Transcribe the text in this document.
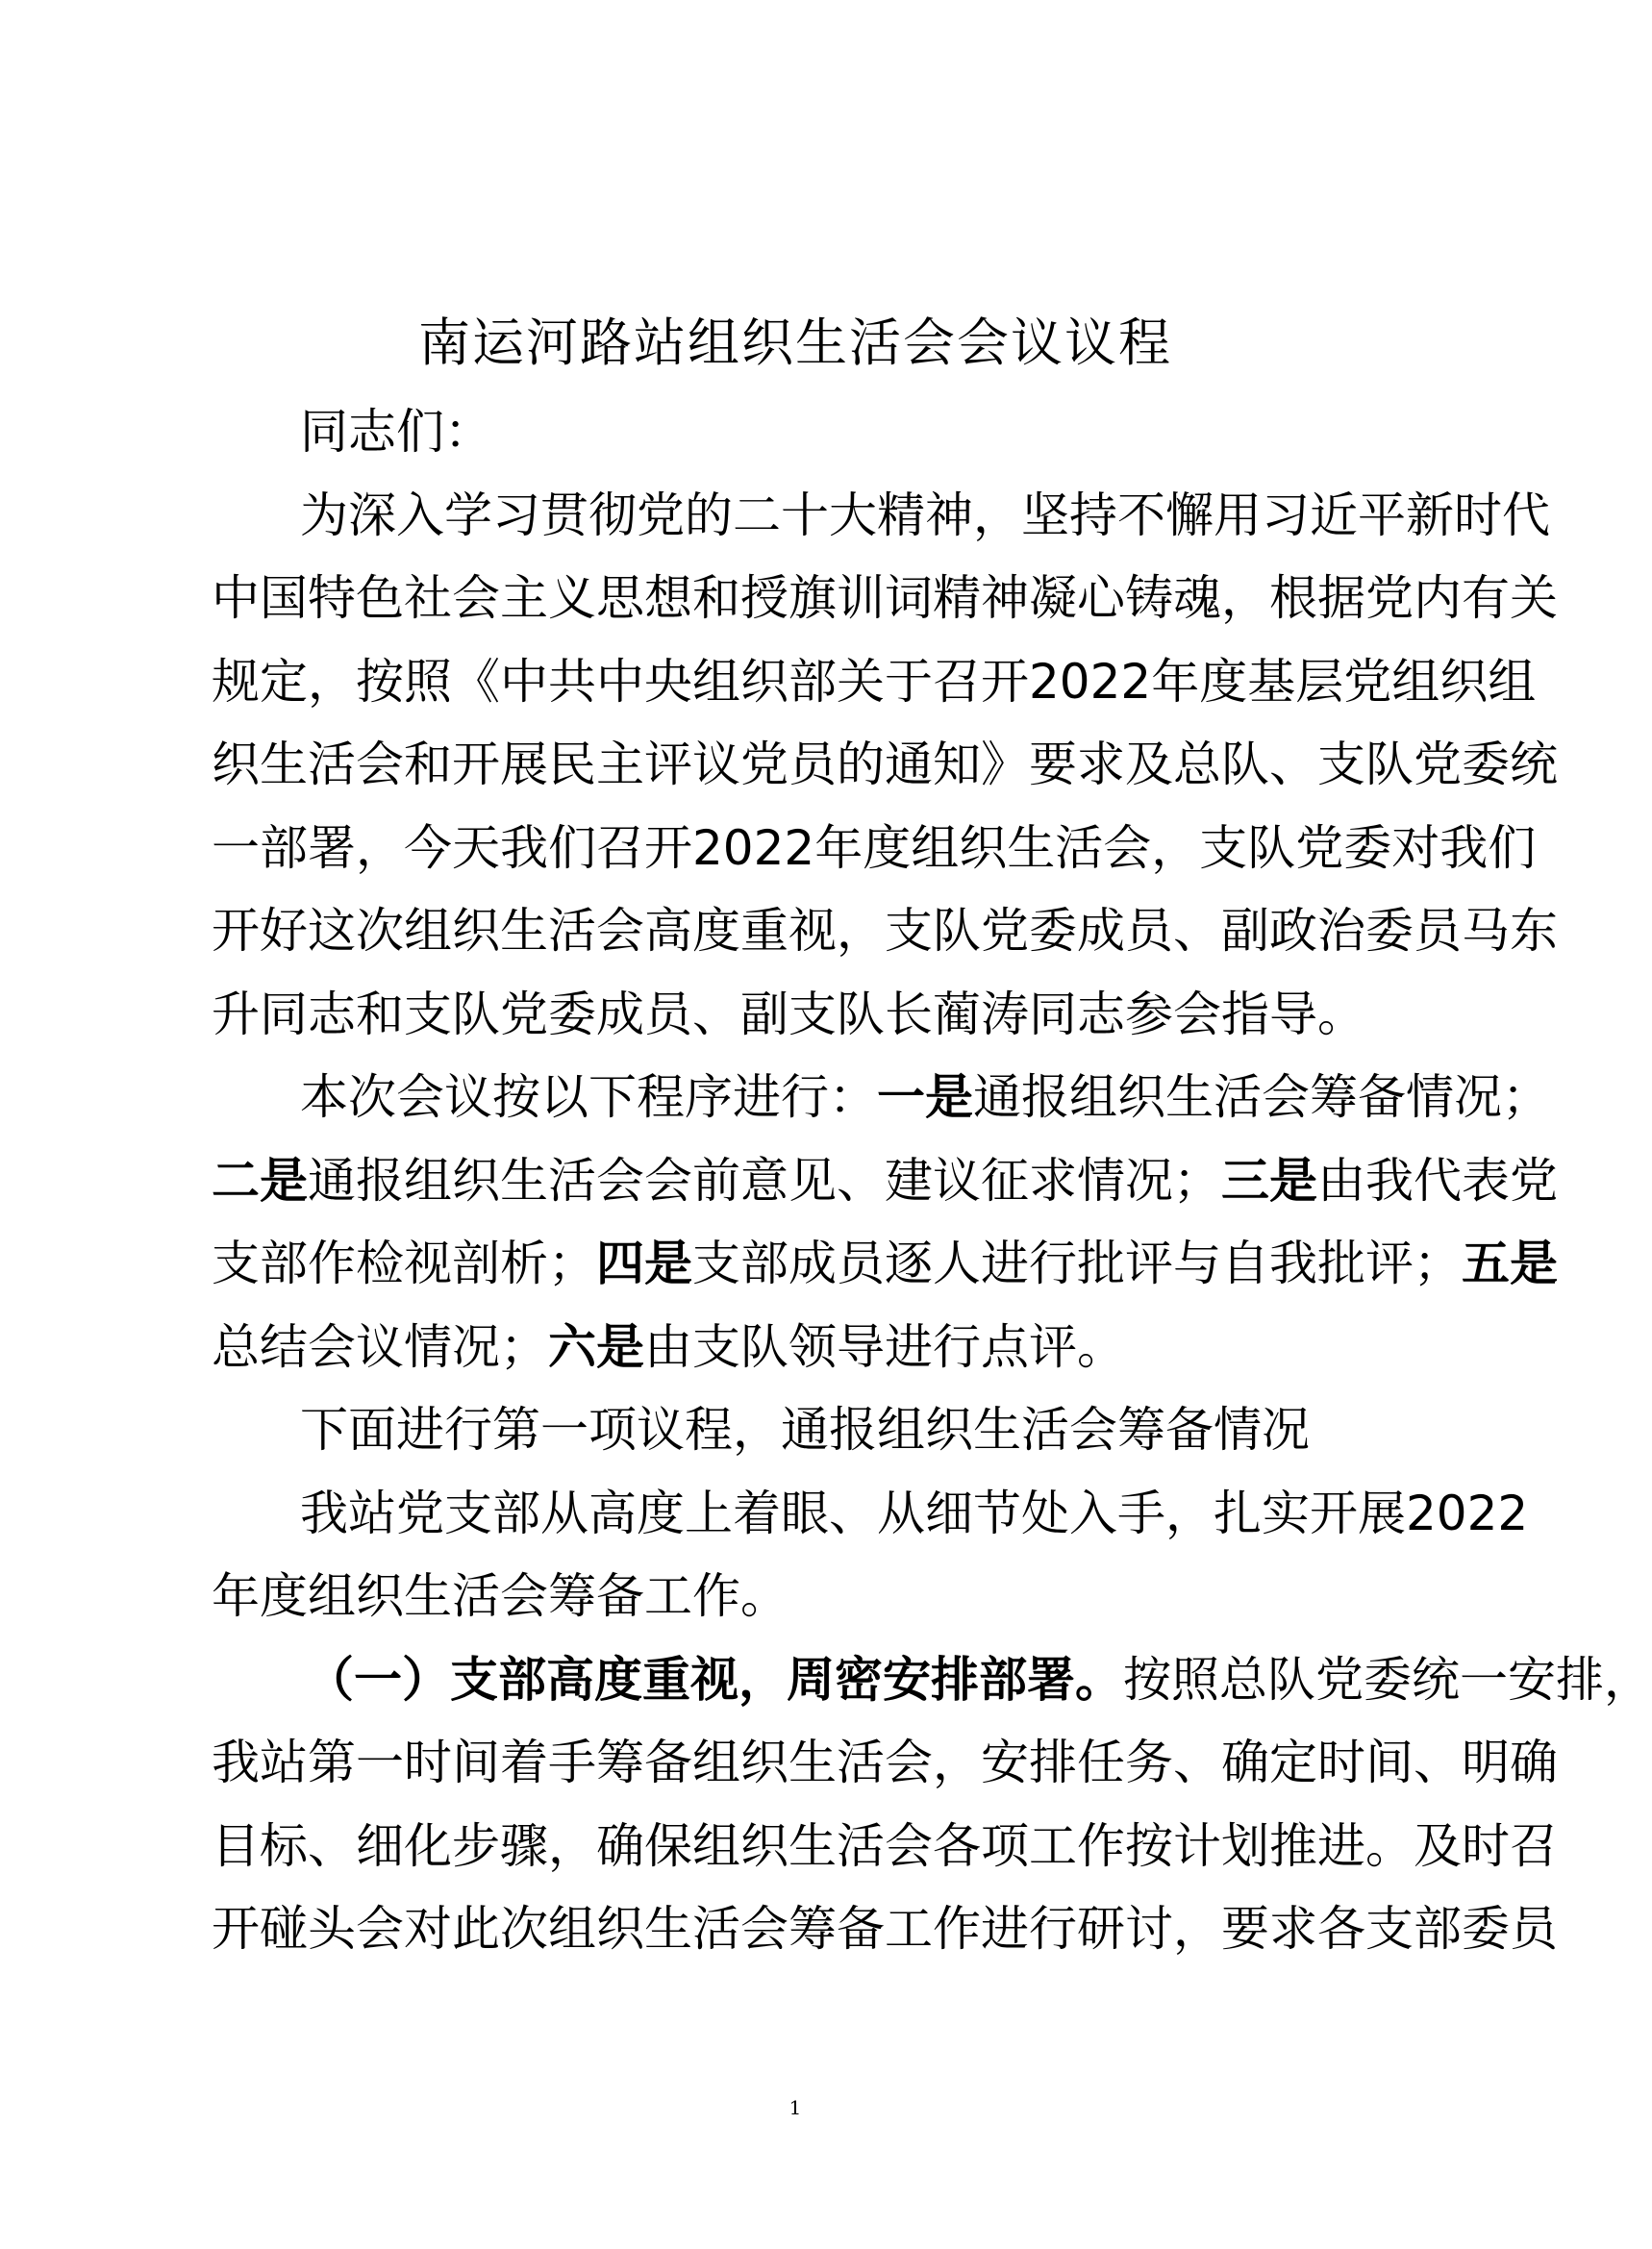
南运河路站组织生活会会议议程
同志们：
为深入学习贯彻党的二十大精神，坚持不懈用习近平新时代
中国特色社会主义思想和授旗训词精神凝心铸魂，根据党内有关
规定，按照《中共中央组织部关于召开2022年度基层党组织组
织生活会和开展民主评议党员的通知》要求及总队、支队党委统
一部署，今天我们召开2022年度组织生活会，支队党委对我们
开好这次组织生活会高度重视，支队党委成员、副政治委员马东
升同志和支队党委成员、副支队长蔺涛同志参会指导。
本次会议按以下程序进行：一是通报组织生活会筹备情况；
二是通报组织生活会会前意见、建议征求情况；三是由我代表党
支部作检视剖析；四是支部成员逐人进行批评与自我批评；五是
总结会议情况；六是由支队领导进行点评。
下面进行第一项议程，通报组织生活会筹备情况
我站党支部从高度上着眼、从细节处入手，扎实开展2022
年度组织生活会筹备工作。
（一）支部高度重视，周密安排部署。按照总队党委统一安排，
我站第一时间着手筹备组织生活会，安排任务、确定时间、明确
目标、细化步骤，确保组织生活会各项工作按计划推进。及时召
开碰头会对此次组织生活会筹备工作进行研讨，要求各支部委员
1
